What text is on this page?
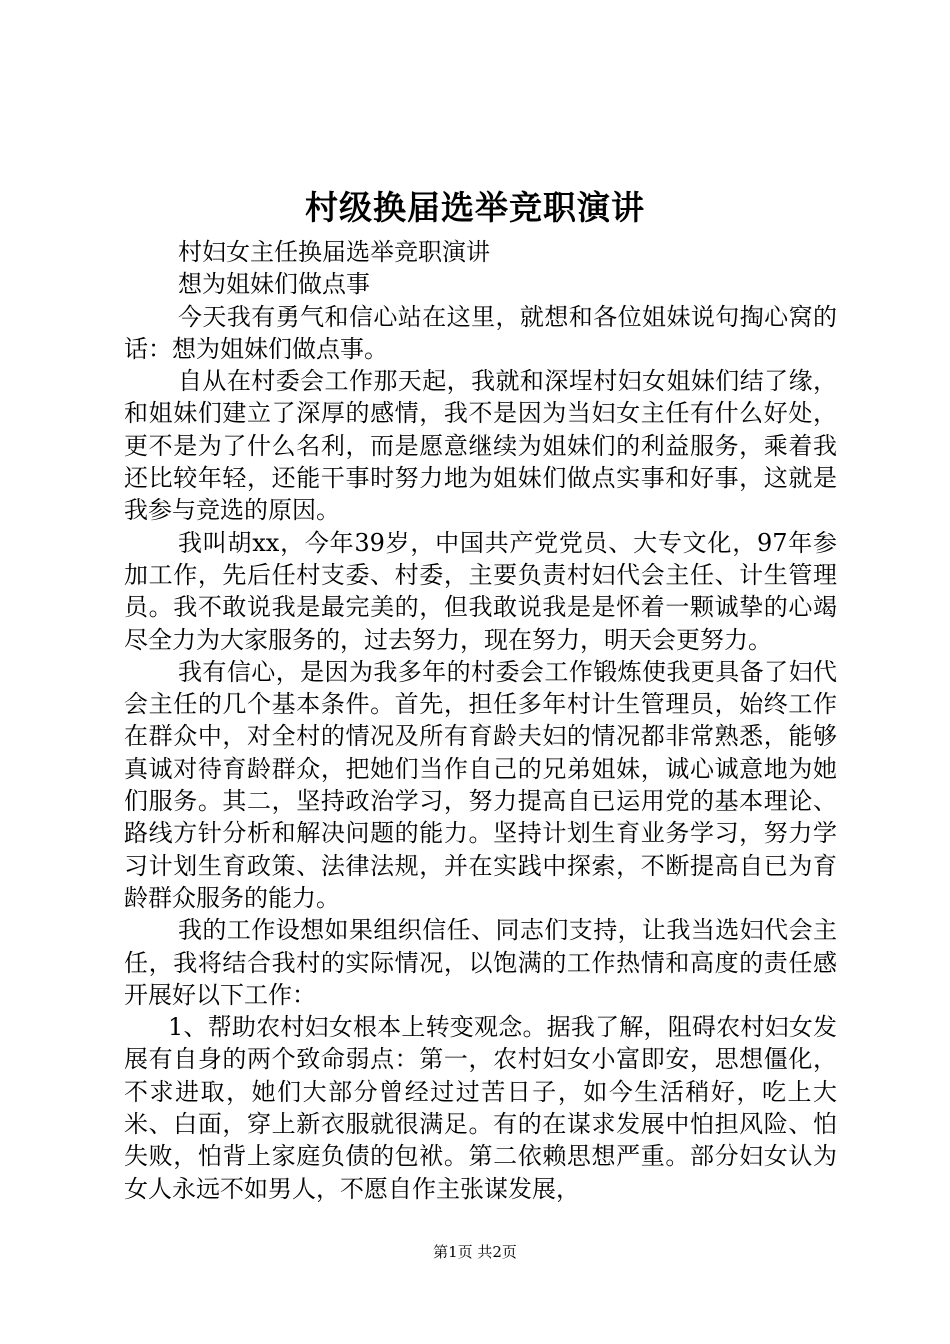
村级换届选举竞职演讲

村妇女主任换届选举竞职演讲

想为姐妹们做点事

今天我有勇气和信心站在这里，就想和各位姐妹说句掏心窝的话：想为姐妹们做点事。

自从在村委会工作那天起，我就和深埕村妇女姐妹们结了缘，和姐妹们建立了深厚的感情，我不是因为当妇女主任有什么好处，更不是为了什么名利，而是愿意继续为姐妹们的利益服务，乘着我还比较年轻，还能干事时努力地为姐妹们做点实事和好事，这就是我参与竞选的原因。

我叫胡xx，今年39岁，中国共产党党员、大专文化，97年参加工作，先后任村支委、村委，主要负责村妇代会主任、计生管理员。我不敢说我是最完美的，但我敢说我是是怀着一颗诚挚的心竭尽全力为大家服务的，过去努力，现在努力，明天会更努力。

我有信心，是因为我多年的村委会工作锻炼使我更具备了妇代会主任的几个基本条件。首先，担任多年村计生管理员，始终工作在群众中，对全村的情况及所有育龄夫妇的情况都非常熟悉，能够真诚对待育龄群众，把她们当作自己的兄弟姐妹，诚心诚意地为她们服务。其二，坚持政治学习，努力提高自已运用党的基本理论、路线方针分析和解决问题的能力。坚持计划生育业务学习，努力学习计划生育政策、法律法规，并在实践中探索，不断提高自已为育龄群众服务的能力。

我的工作设想如果组织信任、同志们支持，让我当选妇代会主任，我将结合我村的实际情况，以饱满的工作热情和高度的责任感开展好以下工作：

1、帮助农村妇女根本上转变观念。据我了解，阻碍农村妇女发展有自身的两个致命弱点：第一，农村妇女小富即安，思想僵化，不求进取，她们大部分曾经过过苦日子，如今生活稍好，吃上大米、白面，穿上新衣服就很满足。有的在谋求发展中怕担风险、怕失败，怕背上家庭负债的包袱。第二依赖思想严重。部分妇女认为女人永远不如男人，不愿自作主张谋发展，

第1页 共2页
